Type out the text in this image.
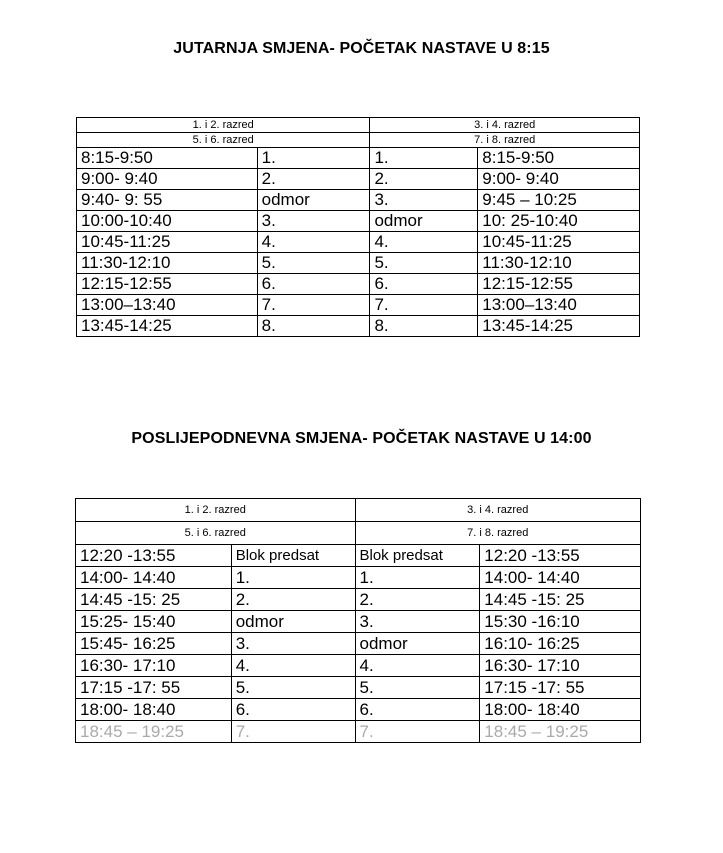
JUTARNJA SMJENA- POČETAK NASTAVE U 8:15
1. i 2. razred		3. i 4. razred	
5. i 6. razred		7. i 8. razred	
8:15-9:50	1.	1.	8:15-9:50
9:00- 9:40	2.	2.	9:00- 9:40
9:40- 9: 55	odmor	3.	9:45 – 10:25
10:00-10:40	3.	odmor	10: 25-10:40
10:45-11:25	4.	4.	10:45-11:25
11:30-12:10	5.	5.	11:30-12:10
12:15-12:55	6.	6.	12:15-12:55
13:00–13:40	7.	7.	13:00–13:40
13:45-14:25	8.	8.	13:45-14:25
POSLIJEPODNEVNA SMJENA- POČETAK NASTAVE U 14:00
1. i 2. razred		3. i 4. razred	
5. i 6. razred		7. i 8. razred	
12:20 -13:55	Blok predsat	Blok predsat	12:20 -13:55
14:00- 14:40	1.	1.	14:00- 14:40
14:45 -15: 25	2.	2.	14:45 -15: 25
15:25- 15:40	odmor	3.	15:30 -16:10
15:45- 16:25	3.	odmor	16:10- 16:25
16:30- 17:10	4.	4.	16:30- 17:10
17:15 -17: 55	5.	5.	17:15 -17: 55
18:00- 18:40	6.	6.	18:00- 18:40
18:45 – 19:25	7.	7.	18:45 – 19:25
